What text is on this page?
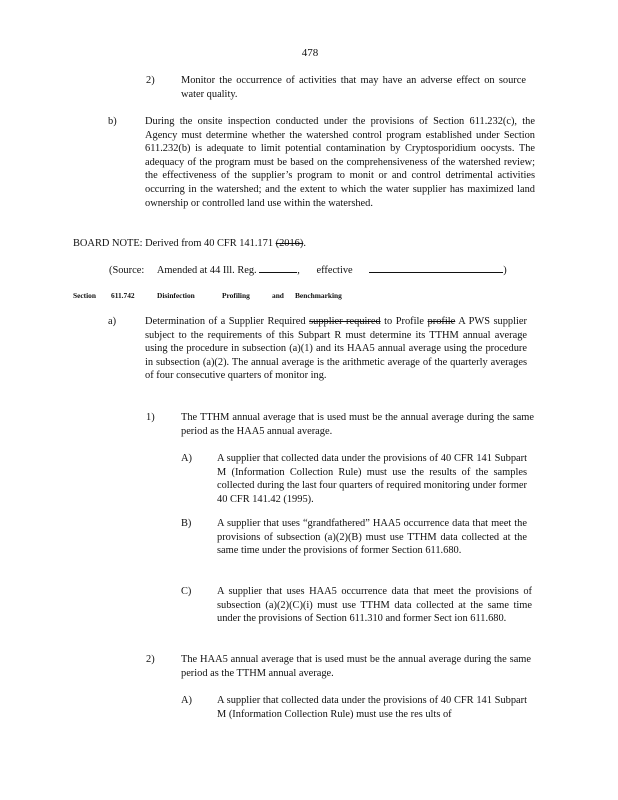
478
2)	Monitor the occurrence of activities that may have an adverse effect on source water quality.
b)	During the onsite inspection conducted under the provisions of Section 611.232(c), the Agency must determine whether the watershed control program established under Section 611.232(b) is adequate to limit potential contamination by Cryptosporidium oocysts. The adequacy of the program must be based on the comprehensiveness of the watershed review; the effectiveness of the supplier’s program to monit or and control detrimental activities occurring in the watershed; and the extent to which the water supplier has maximized land ownership or controlled land use within the watershed.
BOARD NOTE: Derived from 40 CFR 141.171 (2016).
(Source: Amended at 44 Ill. Reg.	, effective	)
Section 611.742	Disinfection	Profiling	and Benchmarking
a)	Determination of a Supplier Required supplier required to Profile profile A PWS supplier subject to the requirements of this Subpart R must determine its TTHM annual average using the procedure in subsection (a)(1) and its HAA5 annual average using the procedure in subsection (a)(2). The annual average is the arithmetic average of the quarterly averages of four consecutive quarters of monitor ing.
1)	The TTHM annual average that is used must be the annual average during the same period as the HAA5 annual average.
A) A supplier that collected data under the provisions of 40 CFR 141 Subpart M (Information Collection Rule) must use the results of the samples collected during the last four quarters of required monitoring under former 40 CFR 141.42 (1995).
B) A supplier that uses “grandfathered” HAA5 occurrence data that meet the provisions of subsection (a)(2)(B) must use TTHM data collected at the same time under the provisions of former Section 611.680.
C) A supplier that uses HAA5 occurrence data that meet the provisions of subsection (a)(2)(C)(i) must use TTHM data collected at the same time under the provisions of Section 611.310 and former Sect ion 611.680.
2)	The HAA5 annual average that is used must be the annual average during the same period as the TTHM annual average.
A) A supplier that collected data under the provisions of 40 CFR 141 Subpart M (Information Collection Rule) must use the res ults of
